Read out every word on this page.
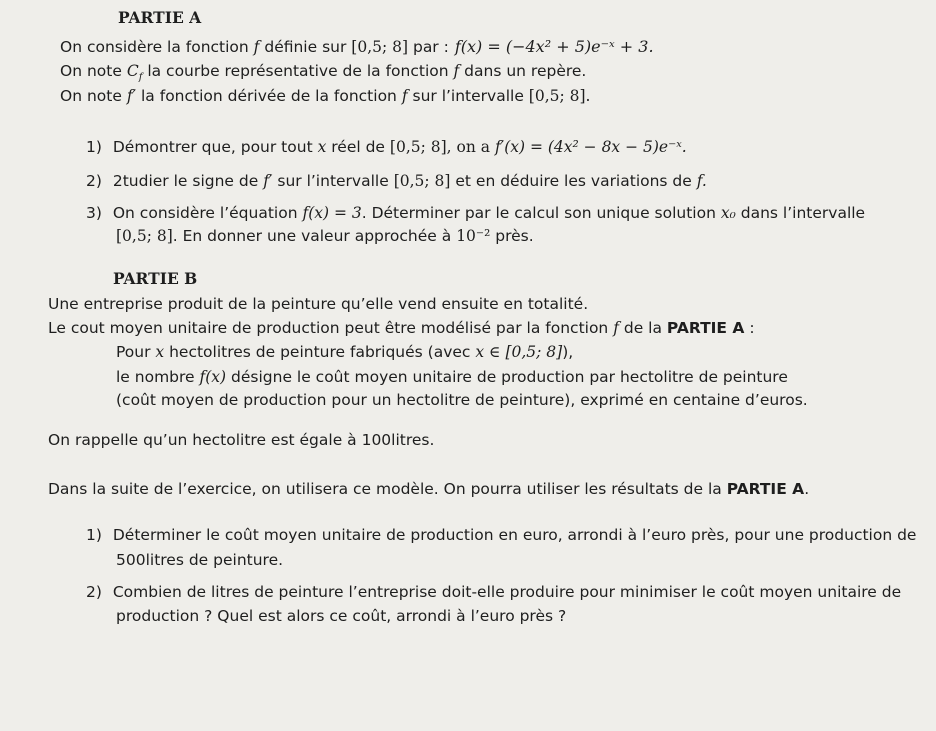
PARTIE A
On considère la fonction f définie sur [0,5; 8] par : f(x) = (−4x² + 5)e⁻ˣ + 3.
On note $C_f$ la courbe représentative de la fonction f dans un repère.
On note f′ la fonction dérivée de la fonction f sur l’intervalle [0,5; 8].
1) Démontrer que, pour tout x réel de [0,5; 8], on a f′(x) = (4x² − 8x − 5)e⁻ˣ.
2) 2tudier le signe de f′ sur l’intervalle [0,5; 8] et en déduire les variations de f.
3) On considère l’équation f(x) = 3. Déterminer par le calcul son unique solution x₀ dans l’intervalle
[0,5; 8]. En donner une valeur approchée à 10⁻² près.
PARTIE B
Une entreprise produit de la peinture qu’elle vend ensuite en totalité.
Le cout moyen unitaire de production peut être modélisé par la fonction f de la PARTIE A :
Pour x hectolitres de peinture fabriqués (avec x ∈ [0,5; 8]),
le nombre f(x) désigne le coût moyen unitaire de production par hectolitre de peinture
(coût moyen de production pour un hectolitre de peinture), exprimé en centaine d’euros.
On rappelle qu’un hectolitre est égale à 100litres.
Dans la suite de l’exercice, on utilisera ce modèle. On pourra utiliser les résultats de la PARTIE A.
1) Déterminer le coût moyen unitaire de production en euro, arrondi à l’euro près, pour une production de
500litres de peinture.
2) Combien de litres de peinture l’entreprise doit-elle produire pour minimiser le coût moyen unitaire de
production ? Quel est alors ce coût, arrondi à l’euro près ?
